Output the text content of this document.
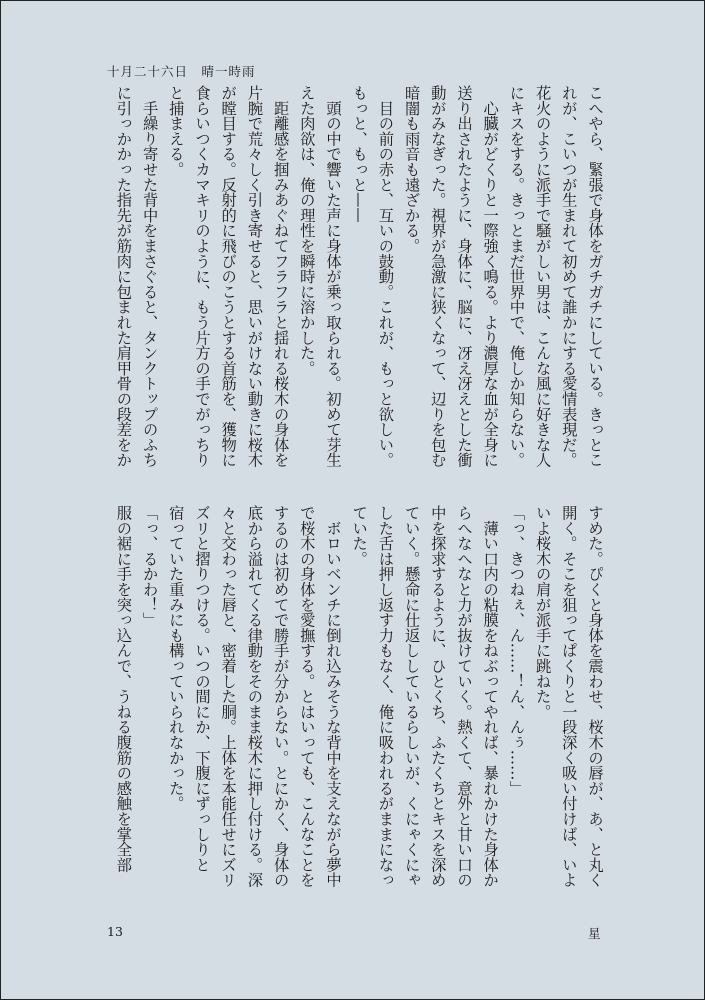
十月二十六日　晴一時雨
こへやら、緊張で身体をガチガチにしている。きっとこ
れが、こいつが生まれて初めて誰かにする愛情表現だ。
花火のように派手で騒がしい男は、こんな風に好きな人
にキスをする。きっとまだ世界中で、俺しか知らない。
　心臓がどくりと一際強く鳴る。より濃厚な血が全身に
送り出されたように、身体に、脳に、冴え冴えとした衝
動がみなぎった。視界が急激に狭くなって、辺りを包む
暗闇も雨音も遠ざかる。
　目の前の赤と、互いの鼓動。これが、もっと欲しい。
もっと、もっと——
　頭の中で響いた声に身体が乗っ取られる。初めて芽生
えた肉欲は、俺の理性を瞬時に溶かした。
　距離感を掴みあぐねてフラフラと揺れる桜木の身体を
片腕で荒々しく引き寄せると、思いがけない動きに桜木
が瞠目する。反射的に飛びのこうとする首筋を、獲物に
食らいつくカマキリのように、もう片方の手でがっちり
と捕まえる。
　手繰り寄せた背中をまさぐると、タンクトップのふち
に引っかかった指先が筋肉に包まれた肩甲骨の段差をか
すめた。ぴくと身体を震わせ、桜木の唇が、あ、と丸く
開く。そこを狙ってぱくりと一段深く吸い付けば、いよ
いよ桜木の肩が派手に跳ねた。
「っ、きつねぇ、ん……！ん、んぅ……」
　薄い口内の粘膜をねぶってやれば、暴れかけた身体か
らへなへなと力が抜けていく。熱くて、意外と甘い口の
中を探求するように、ひとくち、ふたくちとキスを深め
ていく。懸命に仕返ししているらしいが、くにゃくにゃ
した舌は押し返す力もなく、俺に吸われるがままになっ
ていた。
　ボロいベンチに倒れ込みそうな背中を支えながら夢中
で桜木の身体を愛撫する。とはいっても、こんなことを
するのは初めてで勝手が分からない。とにかく、身体の
底から溢れてくる律動をそのまま桜木に押し付ける。深
々と交わった唇と、密着した胴。上体を本能任せにズリ
ズリと摺りつける。いつの間にか、下腹にずっしりと
宿っていた重みにも構っていられなかった。
「っ、るかわ！」
服の裾に手を突っ込んで、うねる腹筋の感触を掌全部
13	星
